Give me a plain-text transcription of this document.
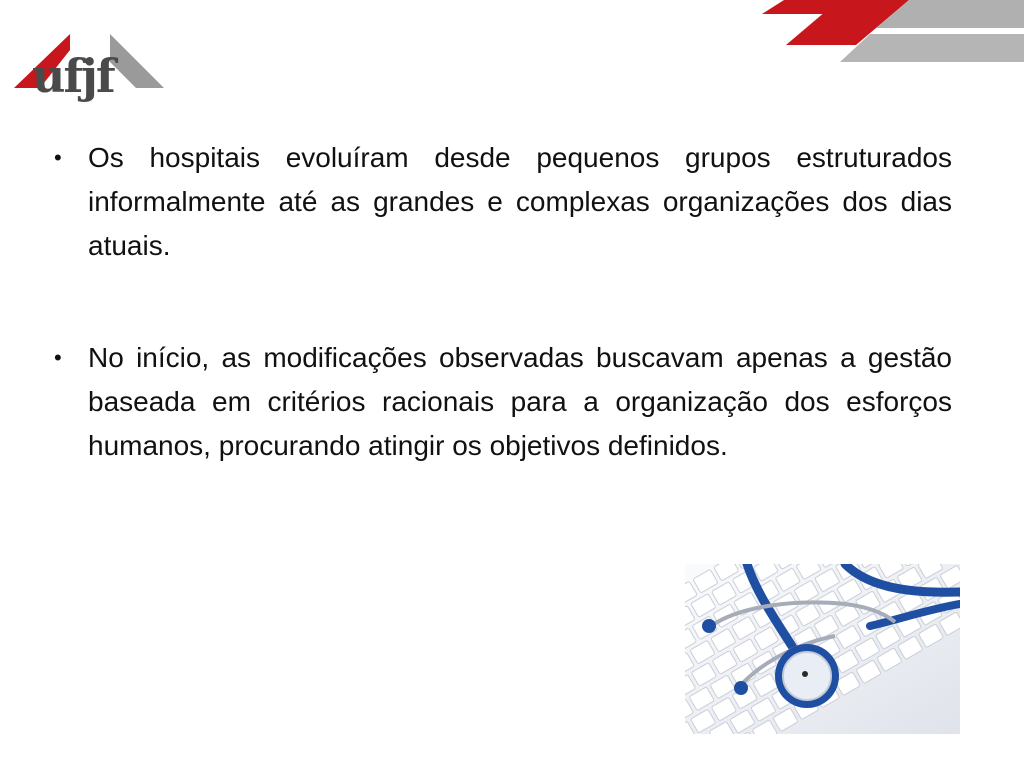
ufjf
• Os hospitais evoluíram desde pequenos grupos estruturados informalmente até as grandes e complexas organizações dos dias atuais.
• No início, as modificações observadas buscavam apenas a gestão baseada em critérios racionais para a organização dos esforços humanos, procurando atingir os objetivos definidos.
